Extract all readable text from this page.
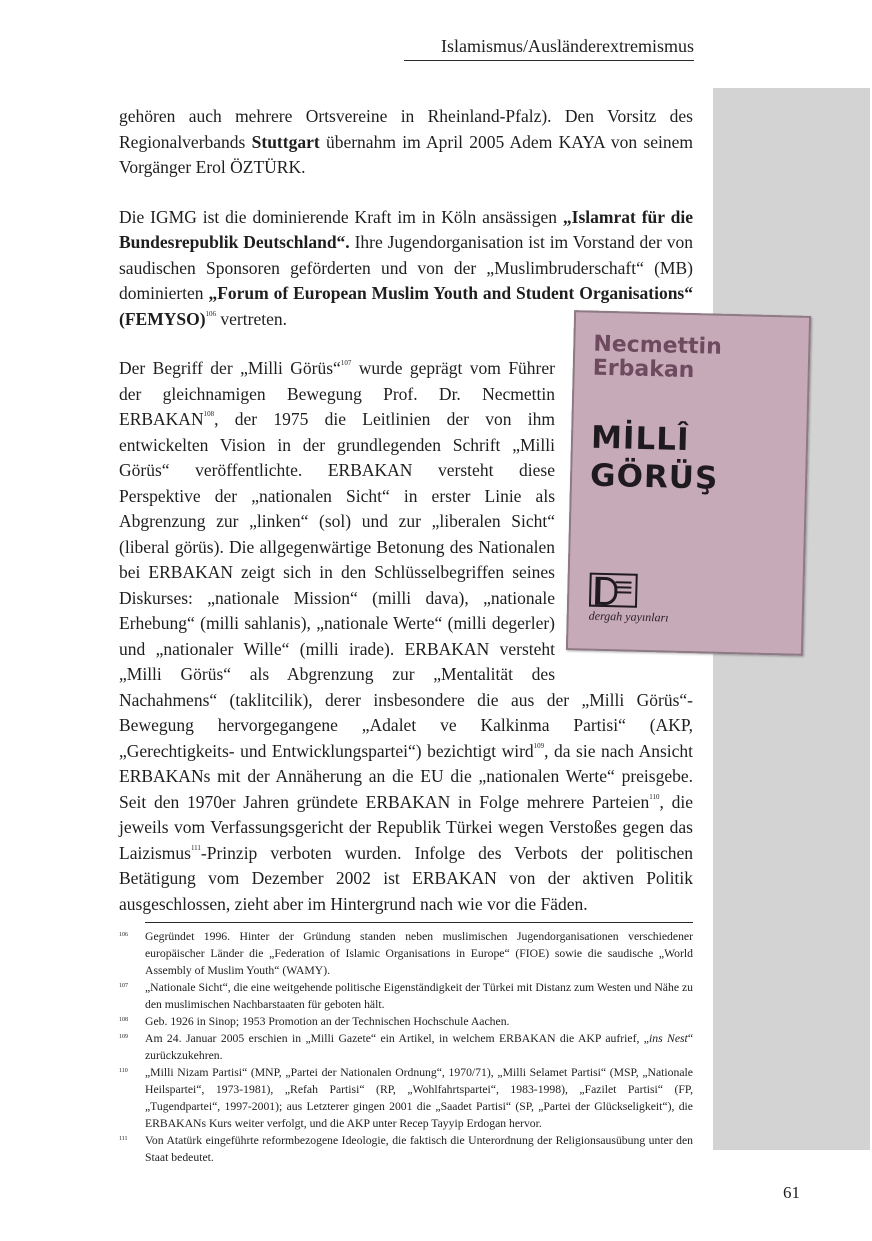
Islamismus/Ausländerextremismus

gehören auch mehrere Ortsvereine in Rheinland-Pfalz). Den Vorsitz des Regionalverbands Stuttgart übernahm im April 2005 Adem KAYA von seinem Vorgänger Erol ÖZTÜRK.

Die IGMG ist die dominierende Kraft im in Köln ansässigen „Islamrat für die Bundesrepublik Deutschland“. Ihre Jugendorganisation ist im Vorstand der von saudischen Sponsoren geförderten und von der „Muslimbruderschaft“ (MB) dominierten „Forum of European Muslim Youth and Student Organisations“ (FEMYSO)$^{106}$ vertreten.

Der Begriff der „Milli Görüs“$^{107}$ wurde geprägt vom Führer der gleichnamigen Bewegung Prof. Dr. Necmettin ERBAKAN$^{108}$, der 1975 die Leitlinien der von ihm entwickelten Vision in der grundlegenden Schrift „Milli Görüs“ veröffentlichte. ERBAKAN versteht diese Perspektive der „nationalen Sicht“ in erster Linie als Abgrenzung zur „linken“ (sol) und zur „liberalen Sicht“ (liberal görüs). Die allgegenwärtige Betonung des Nationalen bei ERBAKAN zeigt sich in den Schlüsselbegriffen seines Diskurses: „nationale Mission“ (milli dava), „nationale Erhebung“ (milli sahlanis), „nationale Werte“ (milli degerler) und „nationaler Wille“ (milli irade). ERBAKAN versteht „Milli Görüs“ als Abgrenzung zur „Mentalität des Nachahmens“ (taklitcilik), derer insbesondere die aus der „Milli Görüs“-Bewegung hervorgegangene „Adalet ve Kalkinma Partisi“ (AKP, „Gerechtigkeits- und Entwicklungspartei“) bezichtigt wird$^{109}$, da sie nach Ansicht ERBAKANs mit der Annäherung an die EU die „nationalen Werte“ preisgebe. Seit den 1970er Jahren gründete ERBAKAN in Folge mehrere Parteien$^{110}$, die jeweils vom Verfassungsgericht der Republik Türkei wegen Verstoßes gegen das Laizismus$^{111}$-Prinzip verboten wurden. Infolge des Verbots der politischen Betätigung vom Dezember 2002 ist ERBAKAN von der aktiven Politik ausgeschlossen, zieht aber im Hintergrund nach wie vor die Fäden.

Necmettin
Erbakan
MİLLÎ
GÖRÜŞ
dergah yayınları
106	Gegründet 1996. Hinter der Gründung standen neben muslimischen Jugendorganisationen verschiedener europäischer Länder die „Federation of Islamic Organisations in Europe“ (FIOE) sowie die saudische „World Assembly of Muslim Youth“ (WAMY).
107	„Nationale Sicht“, die eine weitgehende politische Eigenständigkeit der Türkei mit Distanz zum Westen und Nähe zu den muslimischen Nachbarstaaten für geboten hält.
108	Geb. 1926 in Sinop; 1953 Promotion an der Technischen Hochschule Aachen.
109	Am 24. Januar 2005 erschien in „Milli Gazete“ ein Artikel, in welchem ERBAKAN die AKP aufrief, „ins Nest“ zurückzukehren.
110	„Milli Nizam Partisi“ (MNP, „Partei der Nationalen Ordnung“, 1970/71), „Milli Selamet Partisi“ (MSP, „Nationale Heilspartei“, 1973-1981), „Refah Partisi“ (RP, „Wohlfahrtspartei“, 1983-1998), „Fazilet Partisi“ (FP, „Tugendpartei“, 1997-2001); aus Letzterer gingen 2001 die „Saadet Partisi“ (SP, „Partei der Glückseligkeit“), die ERBAKANs Kurs weiter verfolgt, und die AKP unter Recep Tayyip Erdogan hervor.
111	Von Atatürk eingeführte reformbezogene Ideologie, die faktisch die Unterordnung der Religionsausübung unter den Staat bedeutet.
61
